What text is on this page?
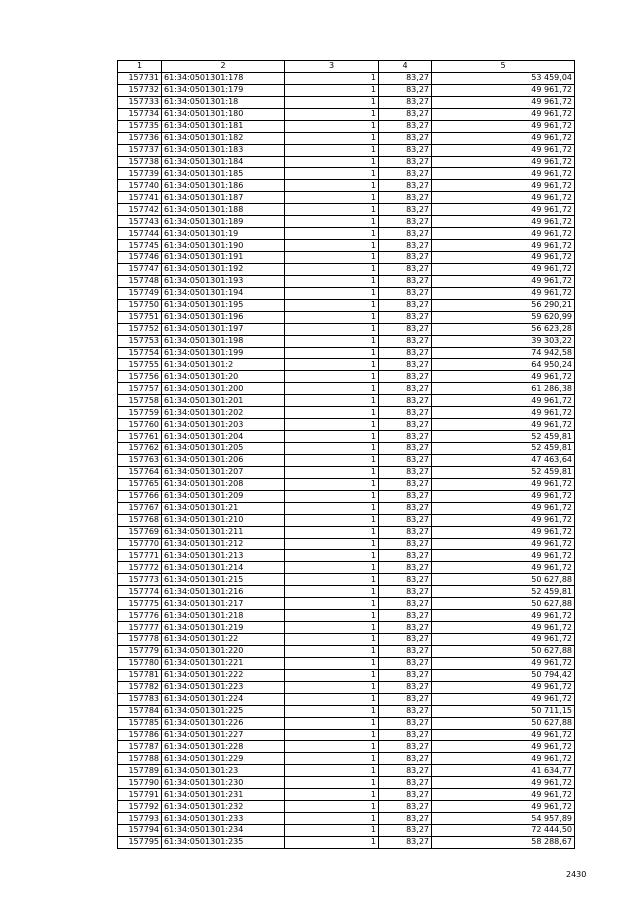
1	2	3	4	5
157731	61:34:0501301:178	1	83,27	53 459,04
157732	61:34:0501301:179	1	83,27	49 961,72
157733	61:34:0501301:18	1	83,27	49 961,72
157734	61:34:0501301:180	1	83,27	49 961,72
157735	61:34:0501301:181	1	83,27	49 961,72
157736	61:34:0501301:182	1	83,27	49 961,72
157737	61:34:0501301:183	1	83,27	49 961,72
157738	61:34:0501301:184	1	83,27	49 961,72
157739	61:34:0501301:185	1	83,27	49 961,72
157740	61:34:0501301:186	1	83,27	49 961,72
157741	61:34:0501301:187	1	83,27	49 961,72
157742	61:34:0501301:188	1	83,27	49 961,72
157743	61:34:0501301:189	1	83,27	49 961,72
157744	61:34:0501301:19	1	83,27	49 961,72
157745	61:34:0501301:190	1	83,27	49 961,72
157746	61:34:0501301:191	1	83,27	49 961,72
157747	61:34:0501301:192	1	83,27	49 961,72
157748	61:34:0501301:193	1	83,27	49 961,72
157749	61:34:0501301:194	1	83,27	49 961,72
157750	61:34:0501301:195	1	83,27	56 290,21
157751	61:34:0501301:196	1	83,27	59 620,99
157752	61:34:0501301:197	1	83,27	56 623,28
157753	61:34:0501301:198	1	83,27	39 303,22
157754	61:34:0501301:199	1	83,27	74 942,58
157755	61:34:0501301:2	1	83,27	64 950,24
157756	61:34:0501301:20	1	83,27	49 961,72
157757	61:34:0501301:200	1	83,27	61 286,38
157758	61:34:0501301:201	1	83,27	49 961,72
157759	61:34:0501301:202	1	83,27	49 961,72
157760	61:34:0501301:203	1	83,27	49 961,72
157761	61:34:0501301:204	1	83,27	52 459,81
157762	61:34:0501301:205	1	83,27	52 459,81
157763	61:34:0501301:206	1	83,27	47 463,64
157764	61:34:0501301:207	1	83,27	52 459,81
157765	61:34:0501301:208	1	83,27	49 961,72
157766	61:34:0501301:209	1	83,27	49 961,72
157767	61:34:0501301:21	1	83,27	49 961,72
157768	61:34:0501301:210	1	83,27	49 961,72
157769	61:34:0501301:211	1	83,27	49 961,72
157770	61:34:0501301:212	1	83,27	49 961,72
157771	61:34:0501301:213	1	83,27	49 961,72
157772	61:34:0501301:214	1	83,27	49 961,72
157773	61:34:0501301:215	1	83,27	50 627,88
157774	61:34:0501301:216	1	83,27	52 459,81
157775	61:34:0501301:217	1	83,27	50 627,88
157776	61:34:0501301:218	1	83,27	49 961,72
157777	61:34:0501301:219	1	83,27	49 961,72
157778	61:34:0501301:22	1	83,27	49 961,72
157779	61:34:0501301:220	1	83,27	50 627,88
157780	61:34:0501301:221	1	83,27	49 961,72
157781	61:34:0501301:222	1	83,27	50 794,42
157782	61:34:0501301:223	1	83,27	49 961,72
157783	61:34:0501301:224	1	83,27	49 961,72
157784	61:34:0501301:225	1	83,27	50 711,15
157785	61:34:0501301:226	1	83,27	50 627,88
157786	61:34:0501301:227	1	83,27	49 961,72
157787	61:34:0501301:228	1	83,27	49 961,72
157788	61:34:0501301:229	1	83,27	49 961,72
157789	61:34:0501301:23	1	83,27	41 634,77
157790	61:34:0501301:230	1	83,27	49 961,72
157791	61:34:0501301:231	1	83,27	49 961,72
157792	61:34:0501301:232	1	83,27	49 961,72
157793	61:34:0501301:233	1	83,27	54 957,89
157794	61:34:0501301:234	1	83,27	72 444,50
157795	61:34:0501301:235	1	83,27	58 288,67
2430
